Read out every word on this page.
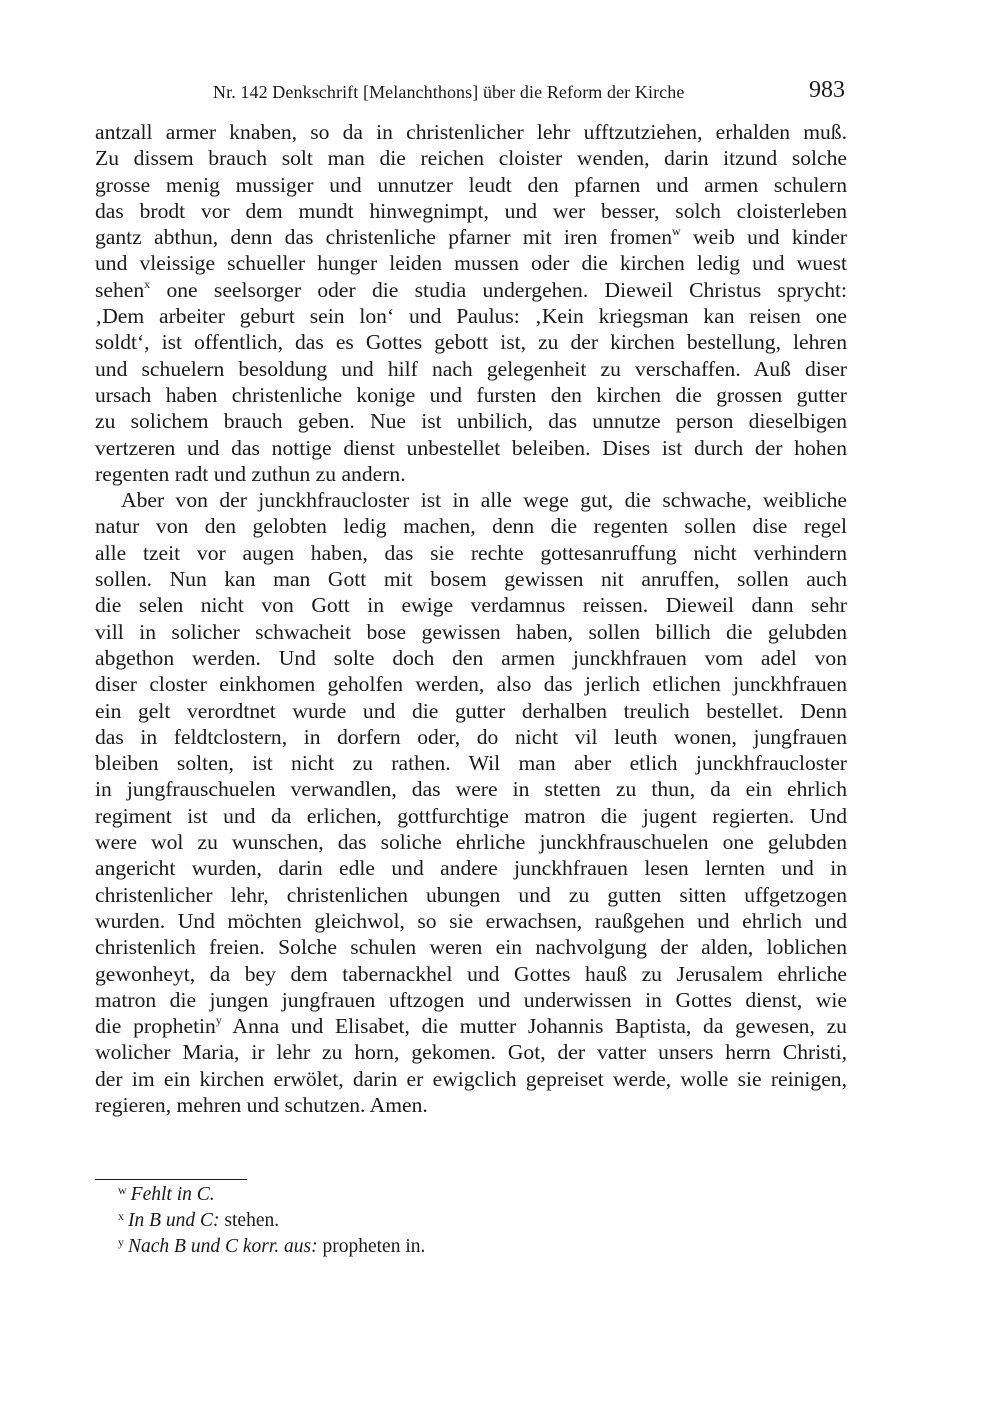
Nr. 142 Denkschrift [Melanchthons] über die Reform der Kirche	983
antzall armer knaben, so da in christenlicher lehr ufftzutziehen, erhalden muß.
Zu dissem brauch solt man die reichen cloister wenden, darin itzund solche
grosse menig mussiger und unnutzer leudt den pfarnen und armen schulern
das brodt vor dem mundt hinwegnimpt, und wer besser, solch cloisterleben
gantz abthun, denn das christenliche pfarner mit iren fromen$^w$ weib und kinder
und vleissige schueller hunger leiden mussen oder die kirchen ledig und wuest
sehen$^x$ one seelsorger oder die studia undergehen. Dieweil Christus sprycht:
‚Dem arbeiter geburt sein lon‘ und Paulus: ‚Kein kriegsman kan reisen one
soldt‘, ist offentlich, das es Gottes gebott ist, zu der kirchen bestellung, lehren
und schuelern besoldung und hilf nach gelegenheit zu verschaffen. Auß diser
ursach haben christenliche konige und fursten den kirchen die grossen gutter
zu solichem brauch geben. Nue ist unbilich, das unnutze person dieselbigen
vertzeren und das nottige dienst unbestellet beleiben. Dises ist durch der hohen
regenten radt und zuthun zu andern.
Aber von der junckhfraucloster ist in alle wege gut, die schwache, weibliche
natur von den gelobten ledig machen, denn die regenten sollen dise regel
alle tzeit vor augen haben, das sie rechte gottesanruffung nicht verhindern
sollen. Nun kan man Gott mit bosem gewissen nit anruffen, sollen auch
die selen nicht von Gott in ewige verdamnus reissen. Dieweil dann sehr
vill in solicher schwacheit bose gewissen haben, sollen billich die gelubden
abgethon werden. Und solte doch den armen junckhfrauen vom adel von
diser closter einkhomen geholfen werden, also das jerlich etlichen junckhfrauen
ein gelt verordtnet wurde und die gutter derhalben treulich bestellet. Denn
das in feldtclostern, in dorfern oder, do nicht vil leuth wonen, jungfrauen
bleiben solten, ist nicht zu rathen. Wil man aber etlich junckhfraucloster
in jungfrauschuelen verwandlen, das were in stetten zu thun, da ein ehrlich
regiment ist und da erlichen, gottfurchtige matron die jugent regierten. Und
were wol zu wunschen, das soliche ehrliche junckhfrauschuelen one gelubden
angericht wurden, darin edle und andere junckhfrauen lesen lernten und in
christenlicher lehr, christenlichen ubungen und zu gutten sitten uffgetzogen
wurden. Und möchten gleichwol, so sie erwachsen, raußgehen und ehrlich und
christenlich freien. Solche schulen weren ein nachvolgung der alden, loblichen
gewonheyt, da bey dem tabernackhel und Gottes hauß zu Jerusalem ehrliche
matron die jungen jungfrauen uftzogen und underwissen in Gottes dienst, wie
die prophetin$^y$ Anna und Elisabet, die mutter Johannis Baptista, da gewesen, zu
wolicher Maria, ir lehr zu horn, gekomen. Got, der vatter unsers herrn Christi,
der im ein kirchen erwölet, darin er ewigclich gepreiset werde, wolle sie reinigen,
regieren, mehren und schutzen. Amen.
$^w$ Fehlt in C.
$^x$ In B und C: stehen.
$^y$ Nach B und C korr. aus: propheten in.
